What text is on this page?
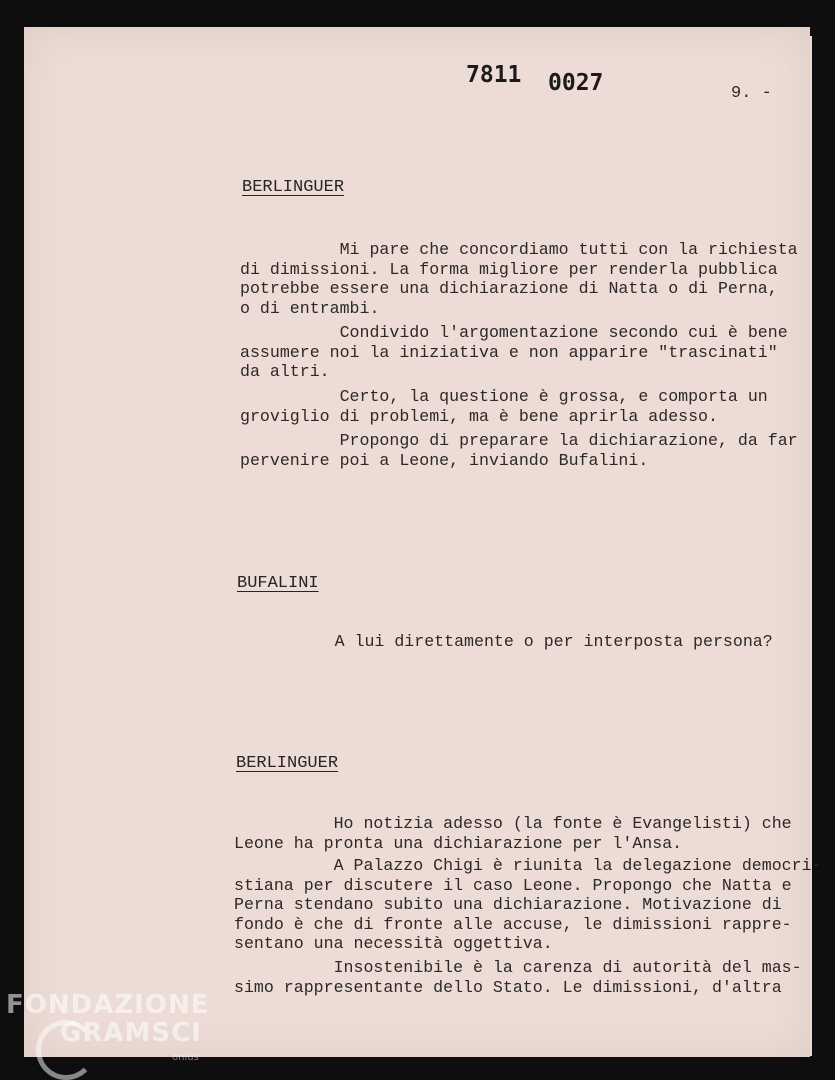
7811 0027	9. -
BERLINGUER
Mi pare che concordiamo tutti con la richiesta
di dimissioni. La forma migliore per renderla pubblica
potrebbe essere una dichiarazione di Natta o di Perna,
o di entrambi.
Condivido l'argomentazione secondo cui è bene
assumere noi la iniziativa e non apparire "trascinati"
da altri.
Certo, la questione è grossa, e comporta un
groviglio di problemi, ma è bene aprirla adesso.
Propongo di preparare la dichiarazione, da far
pervenire poi a Leone, inviando Bufalini.
BUFALINI
A lui direttamente o per interposta persona?
BERLINGUER
Ho notizia adesso (la fonte è Evangelisti) che
Leone ha pronta una dichiarazione per l'Ansa.
A Palazzo Chigi è riunita la delegazione democri-
stiana per discutere il caso Leone. Propongo che Natta e
Perna stendano subito una dichiarazione. Motivazione di
fondo è che di fronte alle accuse, le dimissioni rappre-
sentano una necessità oggettiva.
Insostenibile è la carenza di autorità del mas-
simo rappresentante dello Stato. Le dimissioni, d'altra
FONDAZIONE
GRAMSCI
onlus
